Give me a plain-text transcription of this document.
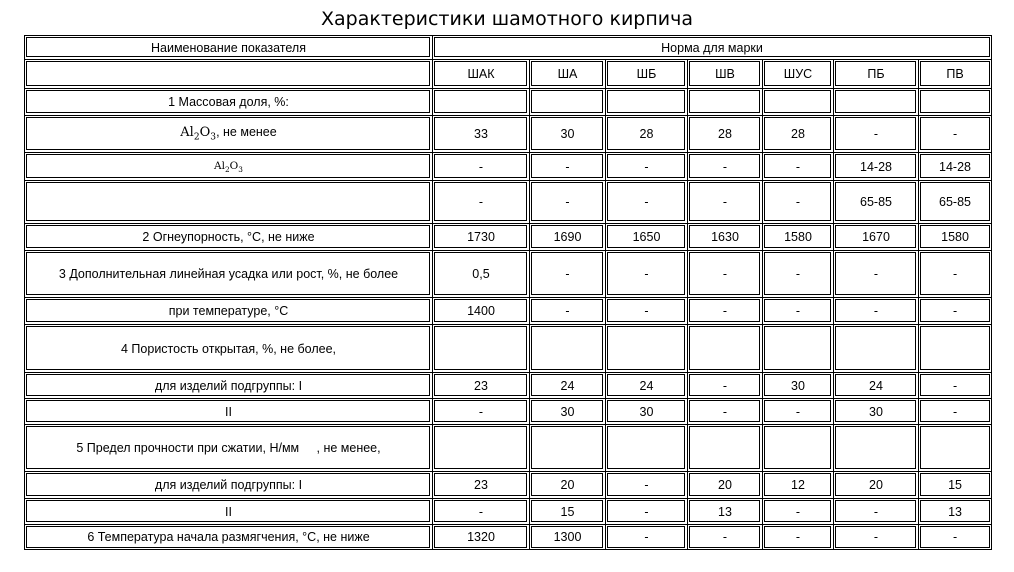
Характеристики шамотного кирпича
Наименование показателя	Норма для марки						
	ШАК	ША	ШБ	ШВ	ШУС	ПБ	ПВ
1 Массовая доля, %:							
$Al_2O_3$, не менее	33	30	28	28	28	-	-
$Al_2O_3$	-	-	-	-	-	14-28	14-28
	-	-	-	-	-	65-85	65-85
2 Огнеупорность, °С, не ниже	1730	1690	1650	1630	1580	1670	1580
3 Дополнительная линейная усадка или рост, %, не более	0,5	-	-	-	-	-	-
при температуре, °С	1400	-	-	-	-	-	-
4 Пористость открытая, %, не более,							
для изделий подгруппы: I	23	24	24	-	30	24	-
II	-	30	30	-	-	30	-
5 Предел прочности при сжатии, Н/мм     , не менее,							
для изделий подгруппы: I	23	20	-	20	12	20	15
II	-	15	-	13	-	-	13
6 Температура начала размягчения, °С, не ниже	1320	1300	-	-	-	-	-
